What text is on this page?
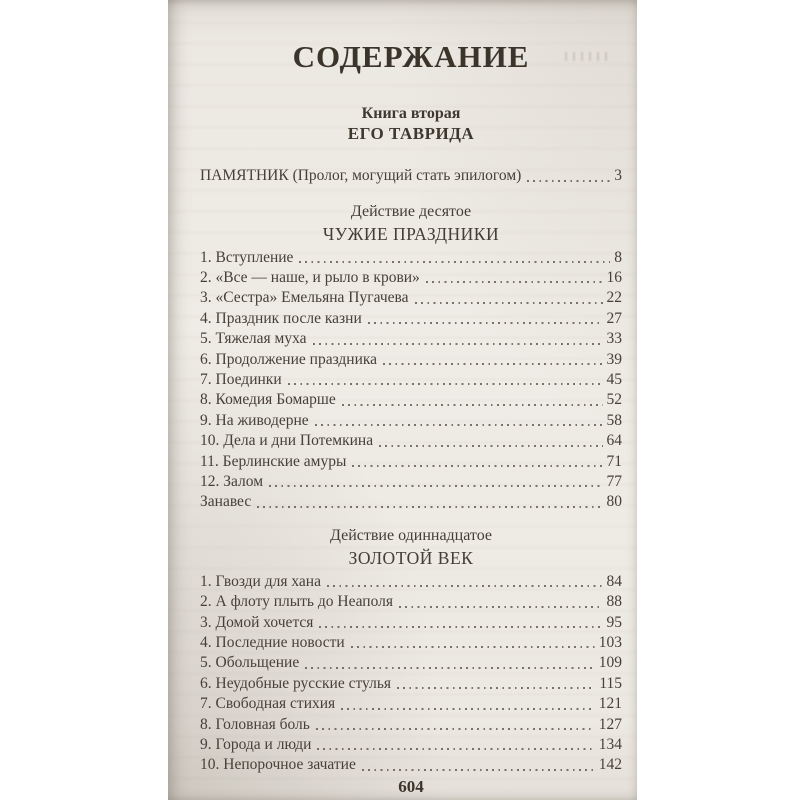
СОДЕРЖАНИЕ
Книга вторая
ЕГО ТАВРИДА
ПАМЯТНИК (Пролог, могущий стать эпилогом)	3
Действие десятое
ЧУЖИЕ ПРАЗДНИКИ
1. Вступление	8
2. «Все — наше, и рыло в крови»	16
3. «Сестра» Емельяна Пугачева	22
4. Праздник после казни	27
5. Тяжелая муха	33
6. Продолжение праздника	39
7. Поединки	45
8. Комедия Бомарше	52
9. На живодерне	58
10. Дела и дни Потемкина	64
11. Берлинские амуры	71
12. Залом	77
Занавес	80
Действие одиннадцатое
ЗОЛОТОЙ ВЕК
1. Гвозди для хана	84
2. А флоту плыть до Неаполя	88
3. Домой хочется	95
4. Последние новости	103
5. Обольщение	109
6. Неудобные русские стулья	115
7. Свободная стихия	121
8. Головная боль	127
9. Города и люди	134
10. Непорочное зачатие	142
604
